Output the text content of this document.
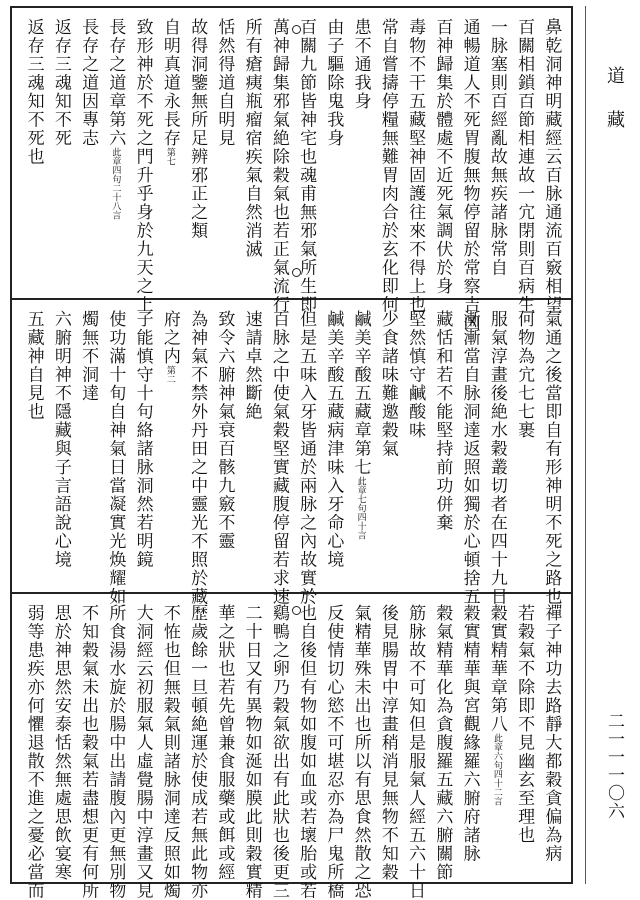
道藏
二一一一〇六
鼻乾洞神明藏經云百脉通流百竅相望
百關相鎖百節相連故一宂閉則百病生
一脉塞則百經亂故無疾諸脉常自
通暢道人不死胃腹無物停留於常察吉凶
百神歸集於體處不近死氣調伏於身
毒物不干五藏堅神固護往來不得上也
常自嘗擣停糧無難胃肉合於玄化即何
患不通我身
由子驅除鬼我身
百關九節皆神宅也魂甫無邪氣所生即
萬神歸集邪氣絶除穀氣也若正氣流行
所有瘡痍瓶瘤宿疾氣自然消滅
恬然得道自明見
故得洞鑒無所足辨邪正之類
自明真道永長存第七
致形神於不死之門升乎身於九天之上
長存之道章第六此章四句二十八言
長存之道因專志
返存三魂知不死
返存三魂知不死也
氣通之後當即自有形神明不死之路也
何物為宂七七裹
服氣淳畫後絶水穀叢切者在四十九日
漸漸當自脉洞達返照如獨於心頓捨五
藏恬和若不能堅持前功併棄
堅然慎守鹹酸味
少食諸味難邀穀氣
鹹美辛酸五藏章第七此章七句四十言
鹹美辛酸五藏病津味入牙命心境
但是五味入牙皆通於兩脉之內故實於
百脉之中使氣穀堅實藏腹停留若求速
速請卓然斷絶
致令六腑神氣衰百骸九竅不靈
為神氣不禁外丹田之中靈光不照於藏
府之内第二
子能慎守十句絡諸脉洞然若明鏡
使功滿十旬自神氣日當凝實光焕耀如
燭無不洞達
六腑明神不隱藏與子言語說心境
五藏神自見也
禪子神功去路靜大都穀貪偏為病
若穀氣不除即不見幽玄至理也
穀實精華章第八此章六句四十二言
穀實精華與宮觀緣羅六腑府諸脉
穀氣精華化為貪腹羅五藏六腑關節
筋脉故不可知但是服氣人經五六十日
後見腸胃中淳畫稍消見無物不知穀
氣精華殊未出也所以有思食然散之恐
反使情切心慾不可堪忍亦為尸鬼所橋
也自後但有物如腹如血或若壞胎或若
鷄鴨之卵乃穀氣欲出有此狀也後更三
二十日又有異物如涎如膜此則穀實精
華之狀也若先曾兼食服藥或餌或經
歷歲餘一旦頓絶運於使成若無此物亦
不恠也但無穀氣則諸脉洞達反照如燭
大洞經云初服氣人虛覺腸中淳畫又見
所食湯水旋於腸中出請腹內更無別物
不知穀氣未出也穀氣若盡想更有何所
思於神思然安泰恬然無處思飲宴寒
弱等患疾亦何懼退散不進之憂必當而
